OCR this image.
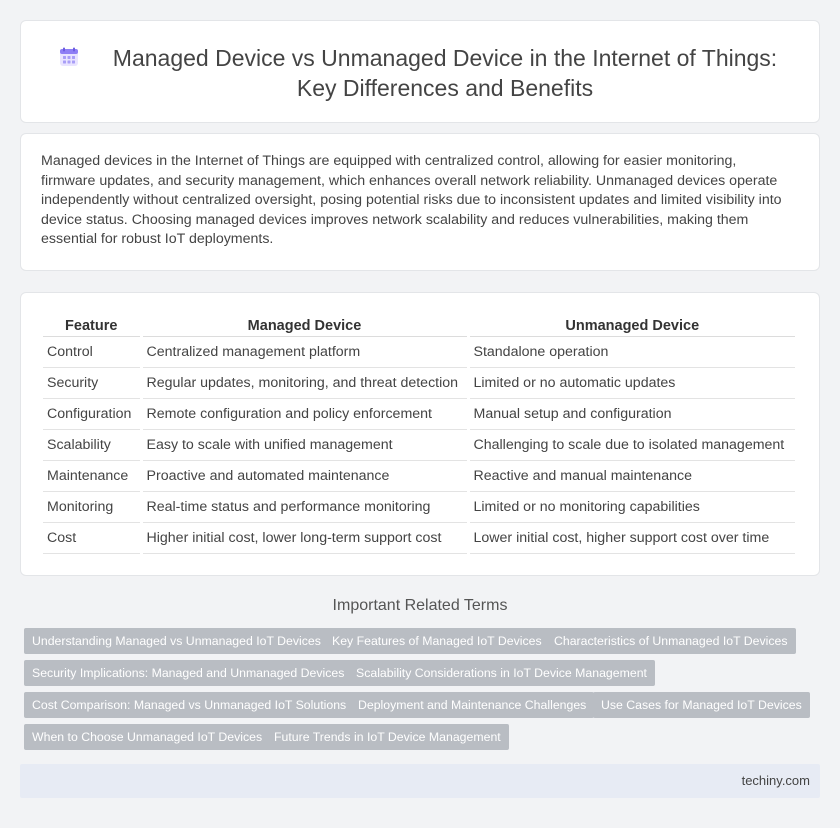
Managed Device vs Unmanaged Device in the Internet of Things: Key Differences and Benefits

Managed devices in the Internet of Things are equipped with centralized control, allowing for easier monitoring, firmware updates, and security management, which enhances overall network reliability. Unmanaged devices operate independently without centralized oversight, posing potential risks due to inconsistent updates and limited visibility into device status. Choosing managed devices improves network scalability and reduces vulnerabilities, making them essential for robust IoT deployments.

Feature	Managed Device	Unmanaged Device
Control	Centralized management platform	Standalone operation
Security	Regular updates, monitoring, and threat detection	Limited or no automatic updates
Configuration	Remote configuration and policy enforcement	Manual setup and configuration
Scalability	Easy to scale with unified management	Challenging to scale due to isolated management
Maintenance	Proactive and automated maintenance	Reactive and manual maintenance
Monitoring	Real-time status and performance monitoring	Limited or no monitoring capabilities
Cost	Higher initial cost, lower long-term support cost	Lower initial cost, higher support cost over time
Important Related Terms
Understanding Managed vs Unmanaged IoT Devices Key Features of Managed IoT Devices	Characteristics of Unmanaged IoT Devices
Security Implications: Managed and Unmanaged Devices Scalability Considerations in IoT Device Management
Cost Comparison: Managed vs Unmanaged IoT Solutions Deployment and Maintenance Challenges	Use Cases for Managed IoT Devices
When to Choose Unmanaged IoT Devices Future Trends in IoT Device Management
techiny.com
